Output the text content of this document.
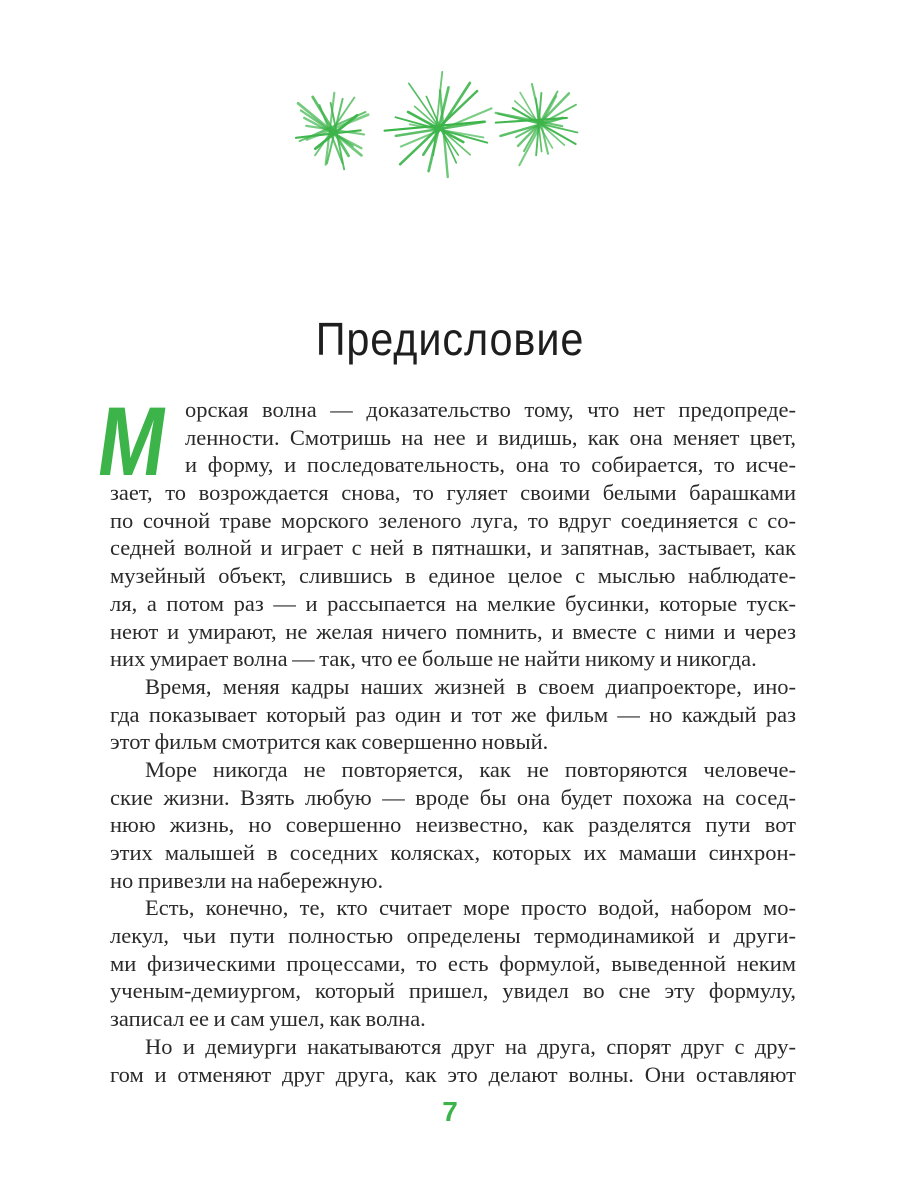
Предисловие
М орская волна — доказательство тому, что нет предопреде-
ленности. Смотришь на нее и видишь, как она меняет цвет,
и форму, и последовательность, она то собирается, то исче-
зает, то возрождается снова, то гуляет своими белыми барашками
по сочной траве морского зеленого луга, то вдруг соединяется с со-
седней волной и играет с ней в пятнашки, и запятнав, застывает, как
музейный объект, слившись в единое целое с мыслью наблюдате-
ля, а потом раз — и рассыпается на мелкие бусинки, которые туск-
неют и умирают, не желая ничего помнить, и вместе с ними и через
них умирает волна — так, что ее больше не найти никому и никогда.
Время, меняя кадры наших жизней в своем диапроекторе, ино-
гда показывает который раз один и тот же фильм — но каждый раз
этот фильм смотрится как совершенно новый.
Море никогда не повторяется, как не повторяются человече-
ские жизни. Взять любую — вроде бы она будет похожа на сосед-
нюю жизнь, но совершенно неизвестно, как разделятся пути вот
этих малышей в соседних колясках, которых их мамаши синхрон-
но привезли на набережную.
Есть, конечно, те, кто считает море просто водой, набором мо-
лекул, чьи пути полностью определены термодинамикой и други-
ми физическими процессами, то есть формулой, выведенной неким
ученым-демиургом, который пришел, увидел во сне эту формулу,
записал ее и сам ушел, как волна.
Но и демиурги накатываются друг на друга, спорят друг с дру-
гом и отменяют друг друга, как это делают волны. Они оставляют
7
